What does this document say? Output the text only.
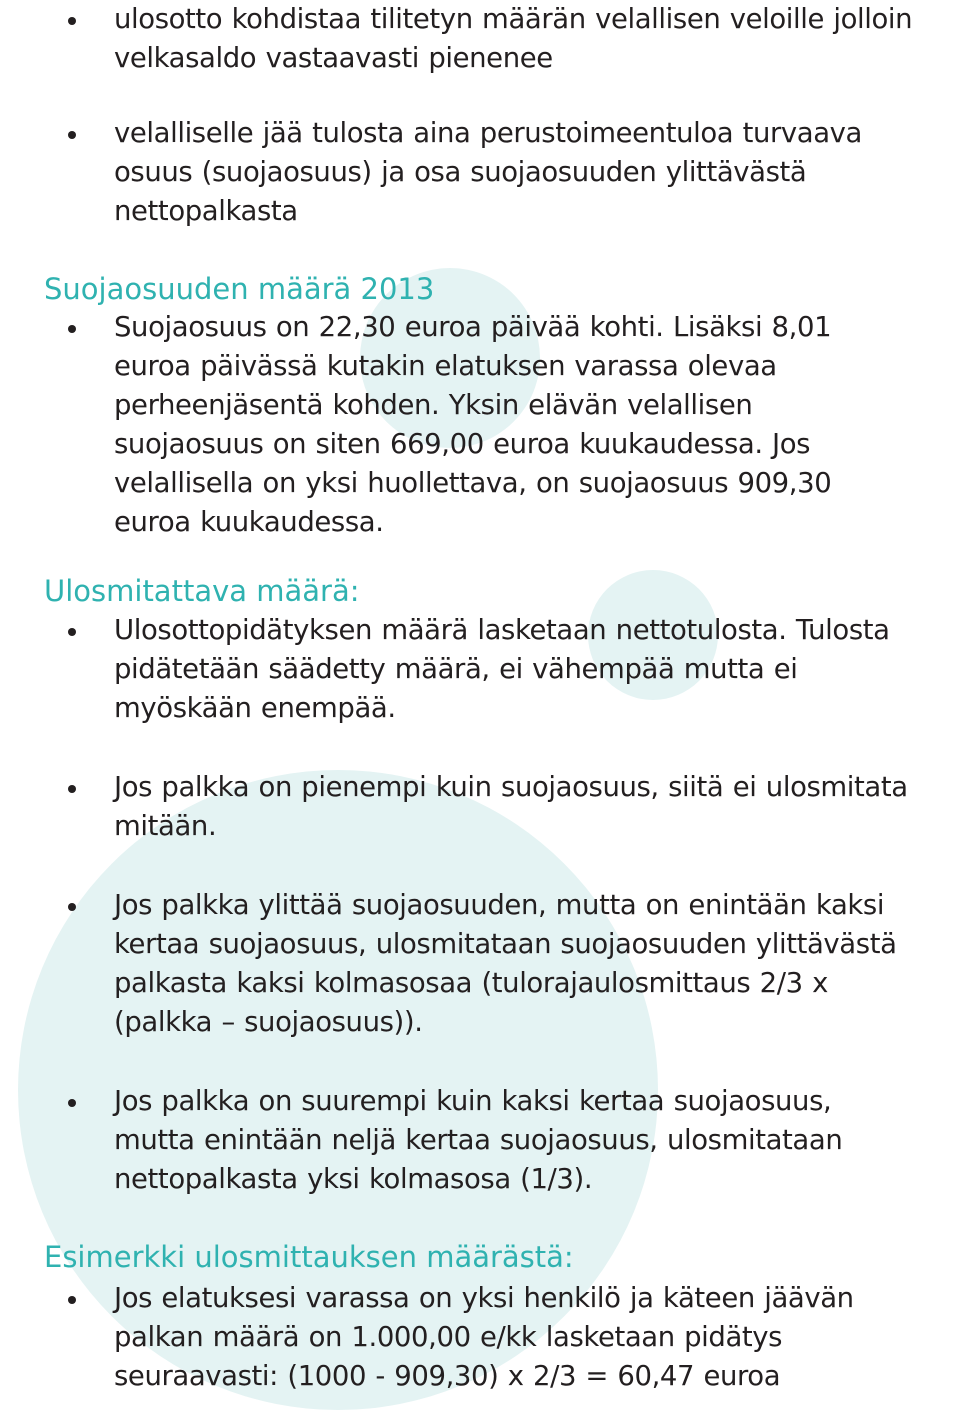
ulosotto kohdistaa tilitetyn määrän velallisen veloille jolloin
velkasaldo vastaavasti pienenee
velalliselle jää tulosta aina perustoimeentuloa turvaava
osuus (suojaosuus) ja osa suojaosuuden ylittävästä
nettopalkasta
Suojaosuuden määrä 2013
Suojaosuus on 22,30 euroa päivää kohti. Lisäksi 8,01
euroa päivässä kutakin elatuksen varassa olevaa
perheenjäsentä kohden. Yksin elävän velallisen
suojaosuus on siten 669,00 euroa kuukaudessa. Jos
velallisella on yksi huollettava, on suojaosuus 909,30
euroa kuukaudessa.
Ulosmitattava määrä:
Ulosottopidätyksen määrä lasketaan nettotulosta. Tulosta
pidätetään säädetty määrä, ei vähempää mutta ei
myöskään enempää.
Jos palkka on pienempi kuin suojaosuus, siitä ei ulosmitata
mitään.
Jos palkka ylittää suojaosuuden, mutta on enintään kaksi
kertaa suojaosuus, ulosmitataan suojaosuuden ylittävästä
palkasta kaksi kolmasosaa (tulorajaulosmittaus 2/3 x
(palkka – suojaosuus)).
Jos palkka on suurempi kuin kaksi kertaa suojaosuus,
mutta enintään neljä kertaa suojaosuus, ulosmitataan
nettopalkasta yksi kolmasosa (1/3).
Esimerkki ulosmittauksen määrästä:
Jos elatuksesi varassa on yksi henkilö ja käteen jäävän
palkan määrä on 1.000,00 e/kk lasketaan pidätys
seuraavasti: (1000 - 909,30) x 2/3 = 60,47 euroa
